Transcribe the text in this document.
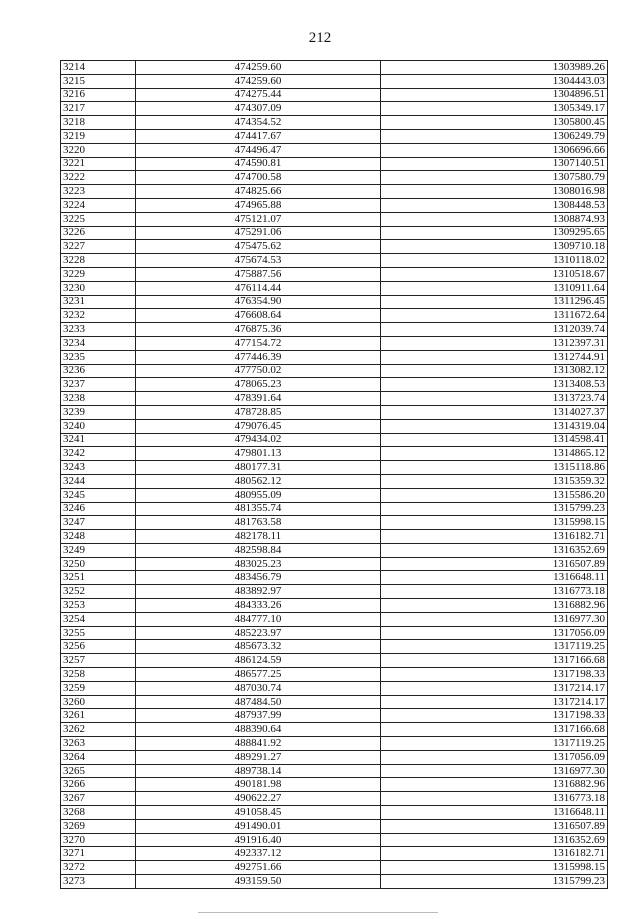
212
3214	474259.60	1303989.26
3215	474259.60	1304443.03
3216	474275.44	1304896.51
3217	474307.09	1305349.17
3218	474354.52	1305800.45
3219	474417.67	1306249.79
3220	474496.47	1306696.66
3221	474590.81	1307140.51
3222	474700.58	1307580.79
3223	474825.66	1308016.98
3224	474965.88	1308448.53
3225	475121.07	1308874.93
3226	475291.06	1309295.65
3227	475475.62	1309710.18
3228	475674.53	1310118.02
3229	475887.56	1310518.67
3230	476114.44	1310911.64
3231	476354.90	1311296.45
3232	476608.64	1311672.64
3233	476875.36	1312039.74
3234	477154.72	1312397.31
3235	477446.39	1312744.91
3236	477750.02	1313082.12
3237	478065.23	1313408.53
3238	478391.64	1313723.74
3239	478728.85	1314027.37
3240	479076.45	1314319.04
3241	479434.02	1314598.41
3242	479801.13	1314865.12
3243	480177.31	1315118.86
3244	480562.12	1315359.32
3245	480955.09	1315586.20
3246	481355.74	1315799.23
3247	481763.58	1315998.15
3248	482178.11	1316182.71
3249	482598.84	1316352.69
3250	483025.23	1316507.89
3251	483456.79	1316648.11
3252	483892.97	1316773.18
3253	484333.26	1316882.96
3254	484777.10	1316977.30
3255	485223.97	1317056.09
3256	485673.32	1317119.25
3257	486124.59	1317166.68
3258	486577.25	1317198.33
3259	487030.74	1317214.17
3260	487484.50	1317214.17
3261	487937.99	1317198.33
3262	488390.64	1317166.68
3263	488841.92	1317119.25
3264	489291.27	1317056.09
3265	489738.14	1316977.30
3266	490181.98	1316882.96
3267	490622.27	1316773.18
3268	491058.45	1316648.11
3269	491490.01	1316507.89
3270	491916.40	1316352.69
3271	492337.12	1316182.71
3272	492751.66	1315998.15
3273	493159.50	1315799.23
